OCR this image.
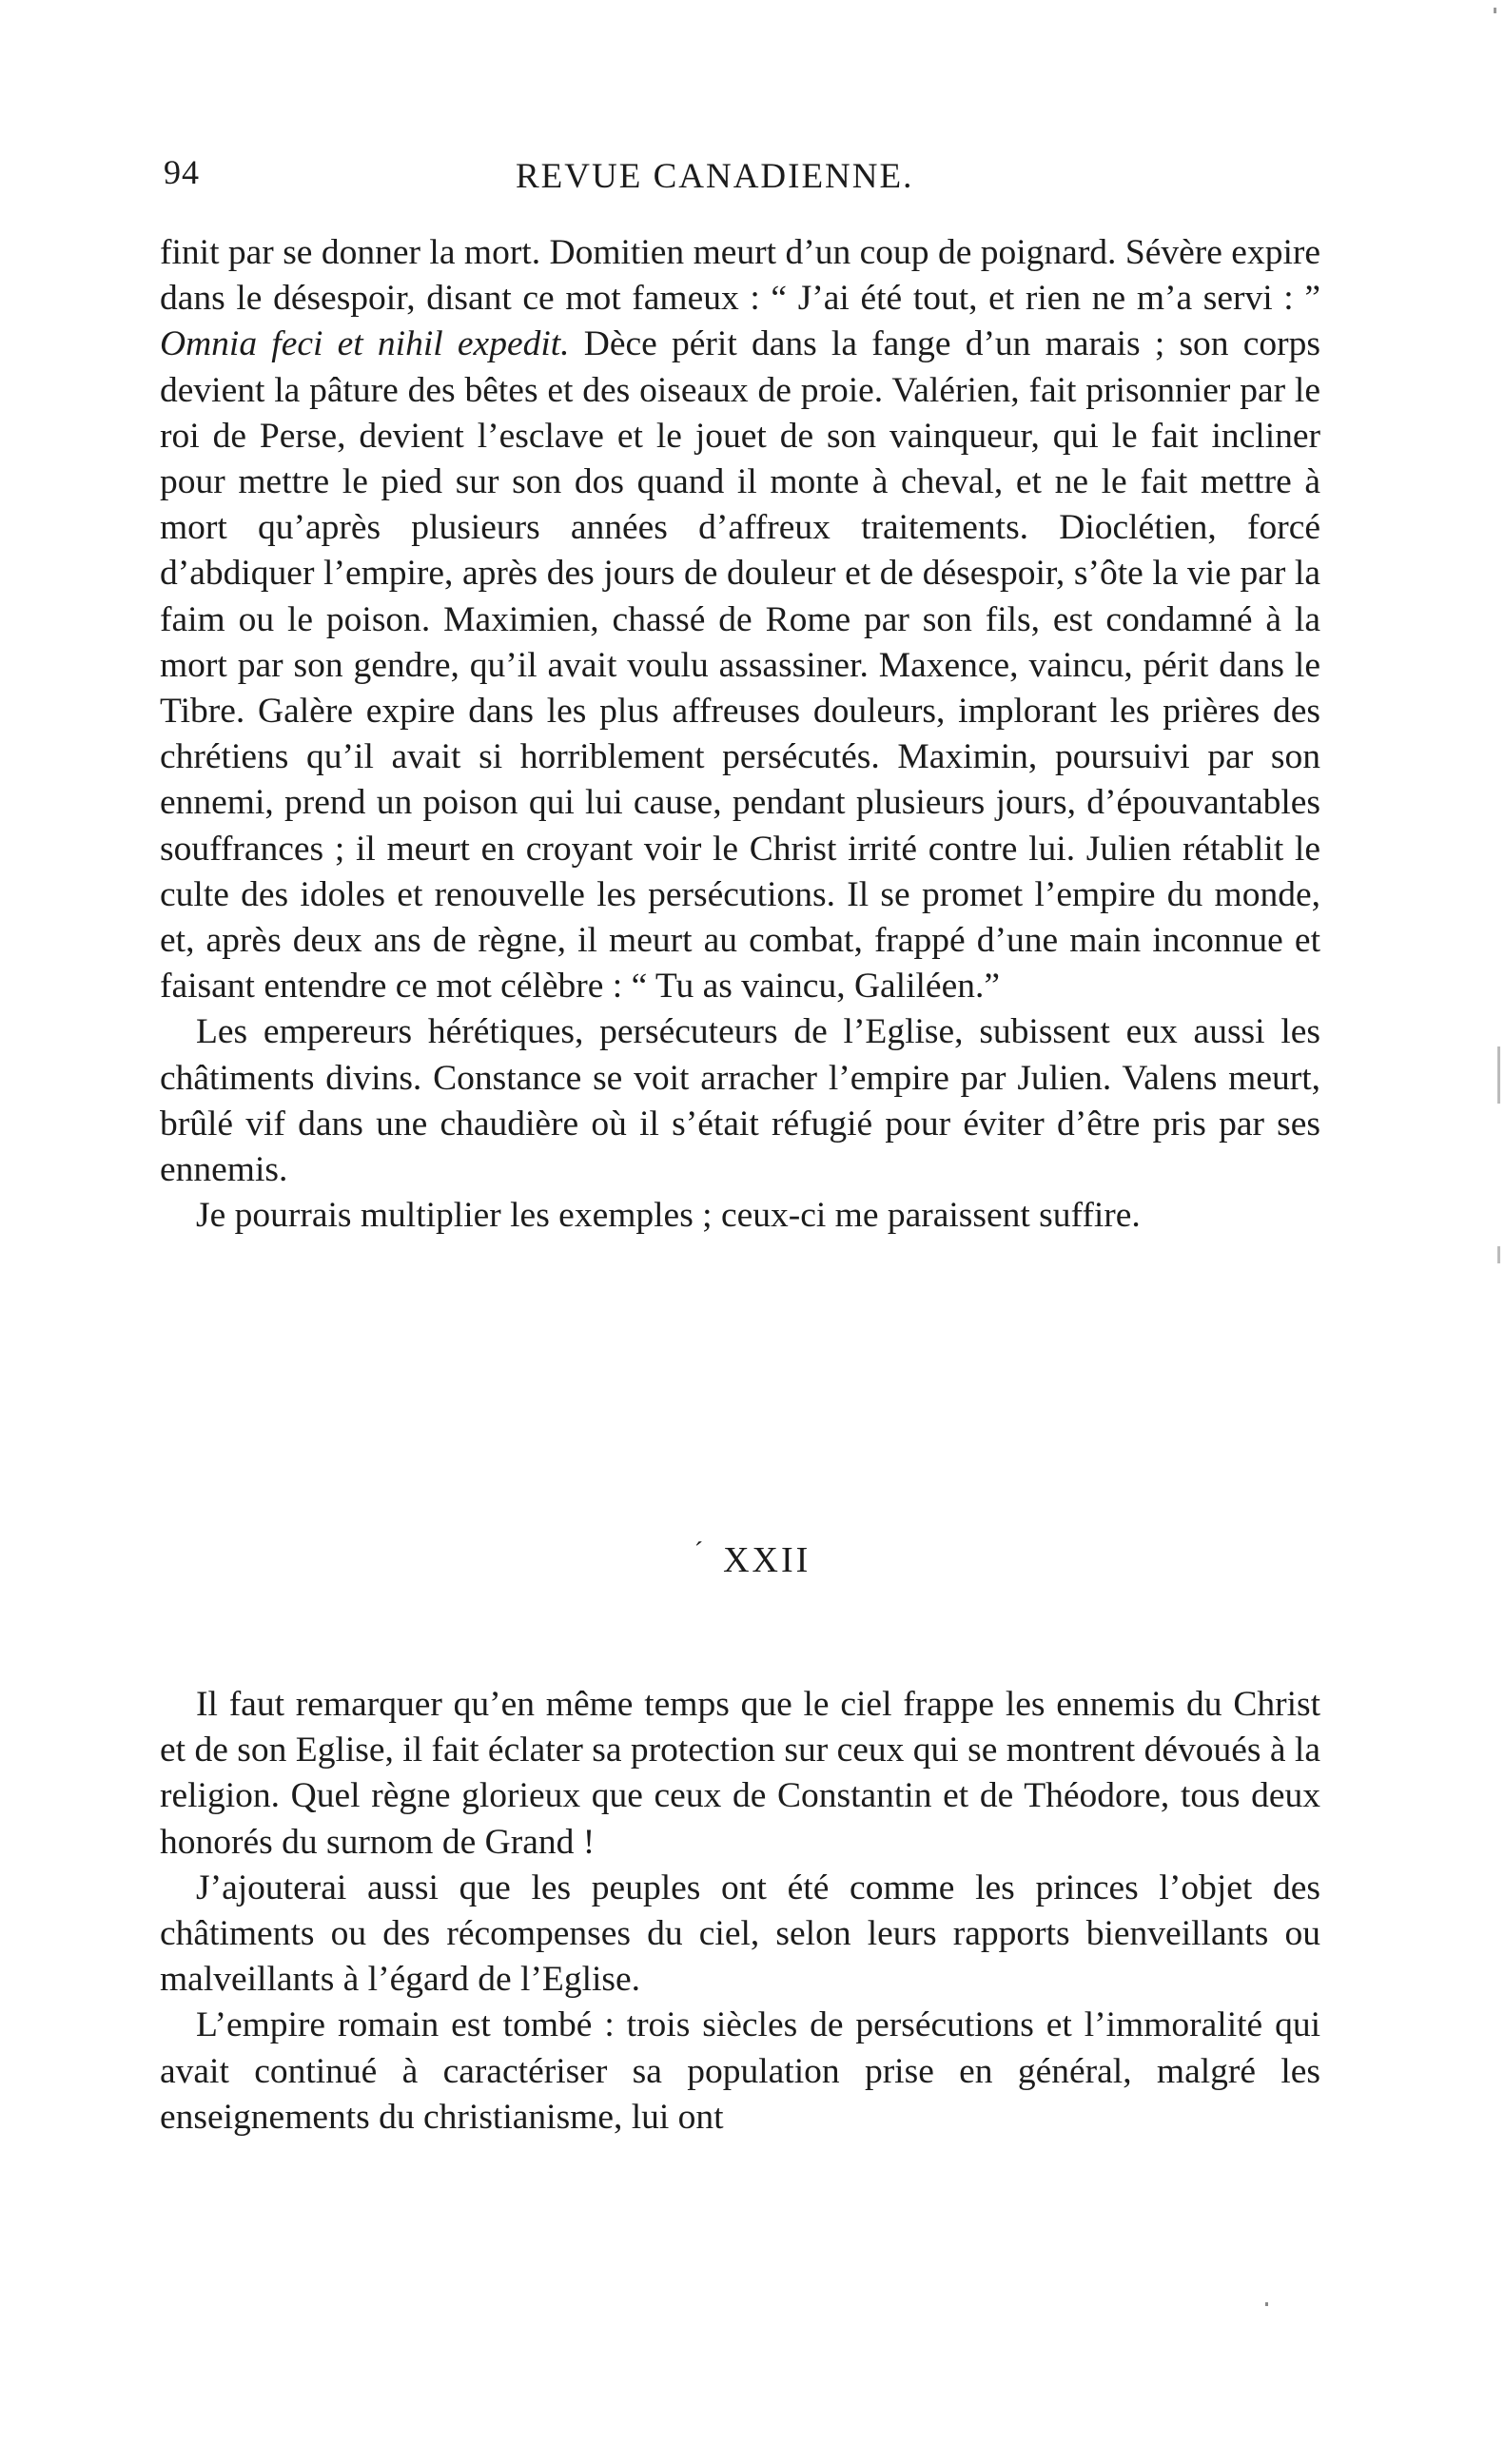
94	REVUE CANADIENNE.

finit par se donner la mort. Domitien meurt d’un coup de poignard. Sévère expire dans le désespoir, disant ce mot fameux : “ J’ai été tout, et rien ne m’a servi : ” Omnia feci et nihil expedit. Dèce périt dans la fange d’un marais ; son corps devient la pâture des bêtes et des oiseaux de proie. Valérien, fait prisonnier par le roi de Perse, devient l’esclave et le jouet de son vainqueur, qui le fait incliner pour mettre le pied sur son dos quand il monte à cheval, et ne le fait mettre à mort qu’après plusieurs années d’affreux traitements. Dioclétien, forcé d’abdiquer l’empire, après des jours de douleur et de désespoir, s’ôte la vie par la faim ou le poison. Maximien, chassé de Rome par son fils, est condamné à la mort par son gendre, qu’il avait voulu assassiner. Maxence, vaincu, périt dans le Tibre. Galère expire dans les plus affreuses douleurs, implorant les prières des chrétiens qu’il avait si horriblement persécutés. Maximin, poursuivi par son ennemi, prend un poison qui lui cause, pendant plusieurs jours, d’épouvantables souffrances ; il meurt en croyant voir le Christ irrité contre lui. Julien rétablit le culte des idoles et renouvelle les persécutions. Il se promet l’empire du monde, et, après deux ans de règne, il meurt au combat, frappé d’une main inconnue et faisant entendre ce mot célèbre : “ Tu as vaincu, Galiléen.”

Les empereurs hérétiques, persécuteurs de l’Eglise, subissent eux aussi les châtiments divins. Constance se voit arracher l’empire par Julien. Valens meurt, brûlé vif dans une chaudière où il s’était réfugié pour éviter d’être pris par ses ennemis.

Je pourrais multiplier les exemples ; ceux-ci me paraissent suffire.

´ XXII

Il faut remarquer qu’en même temps que le ciel frappe les ennemis du Christ et de son Eglise, il fait éclater sa protection sur ceux qui se montrent dévoués à la religion. Quel règne glorieux que ceux de Constantin et de Théodore, tous deux honorés du surnom de Grand !

J’ajouterai aussi que les peuples ont été comme les princes l’objet des châtiments ou des récompenses du ciel, selon leurs rapports bienveillants ou malveillants à l’égard de l’Eglise.

L’empire romain est tombé : trois siècles de persécutions et l’immoralité qui avait continué à caractériser sa population prise en général, malgré les enseignements du christianisme, lui ont
